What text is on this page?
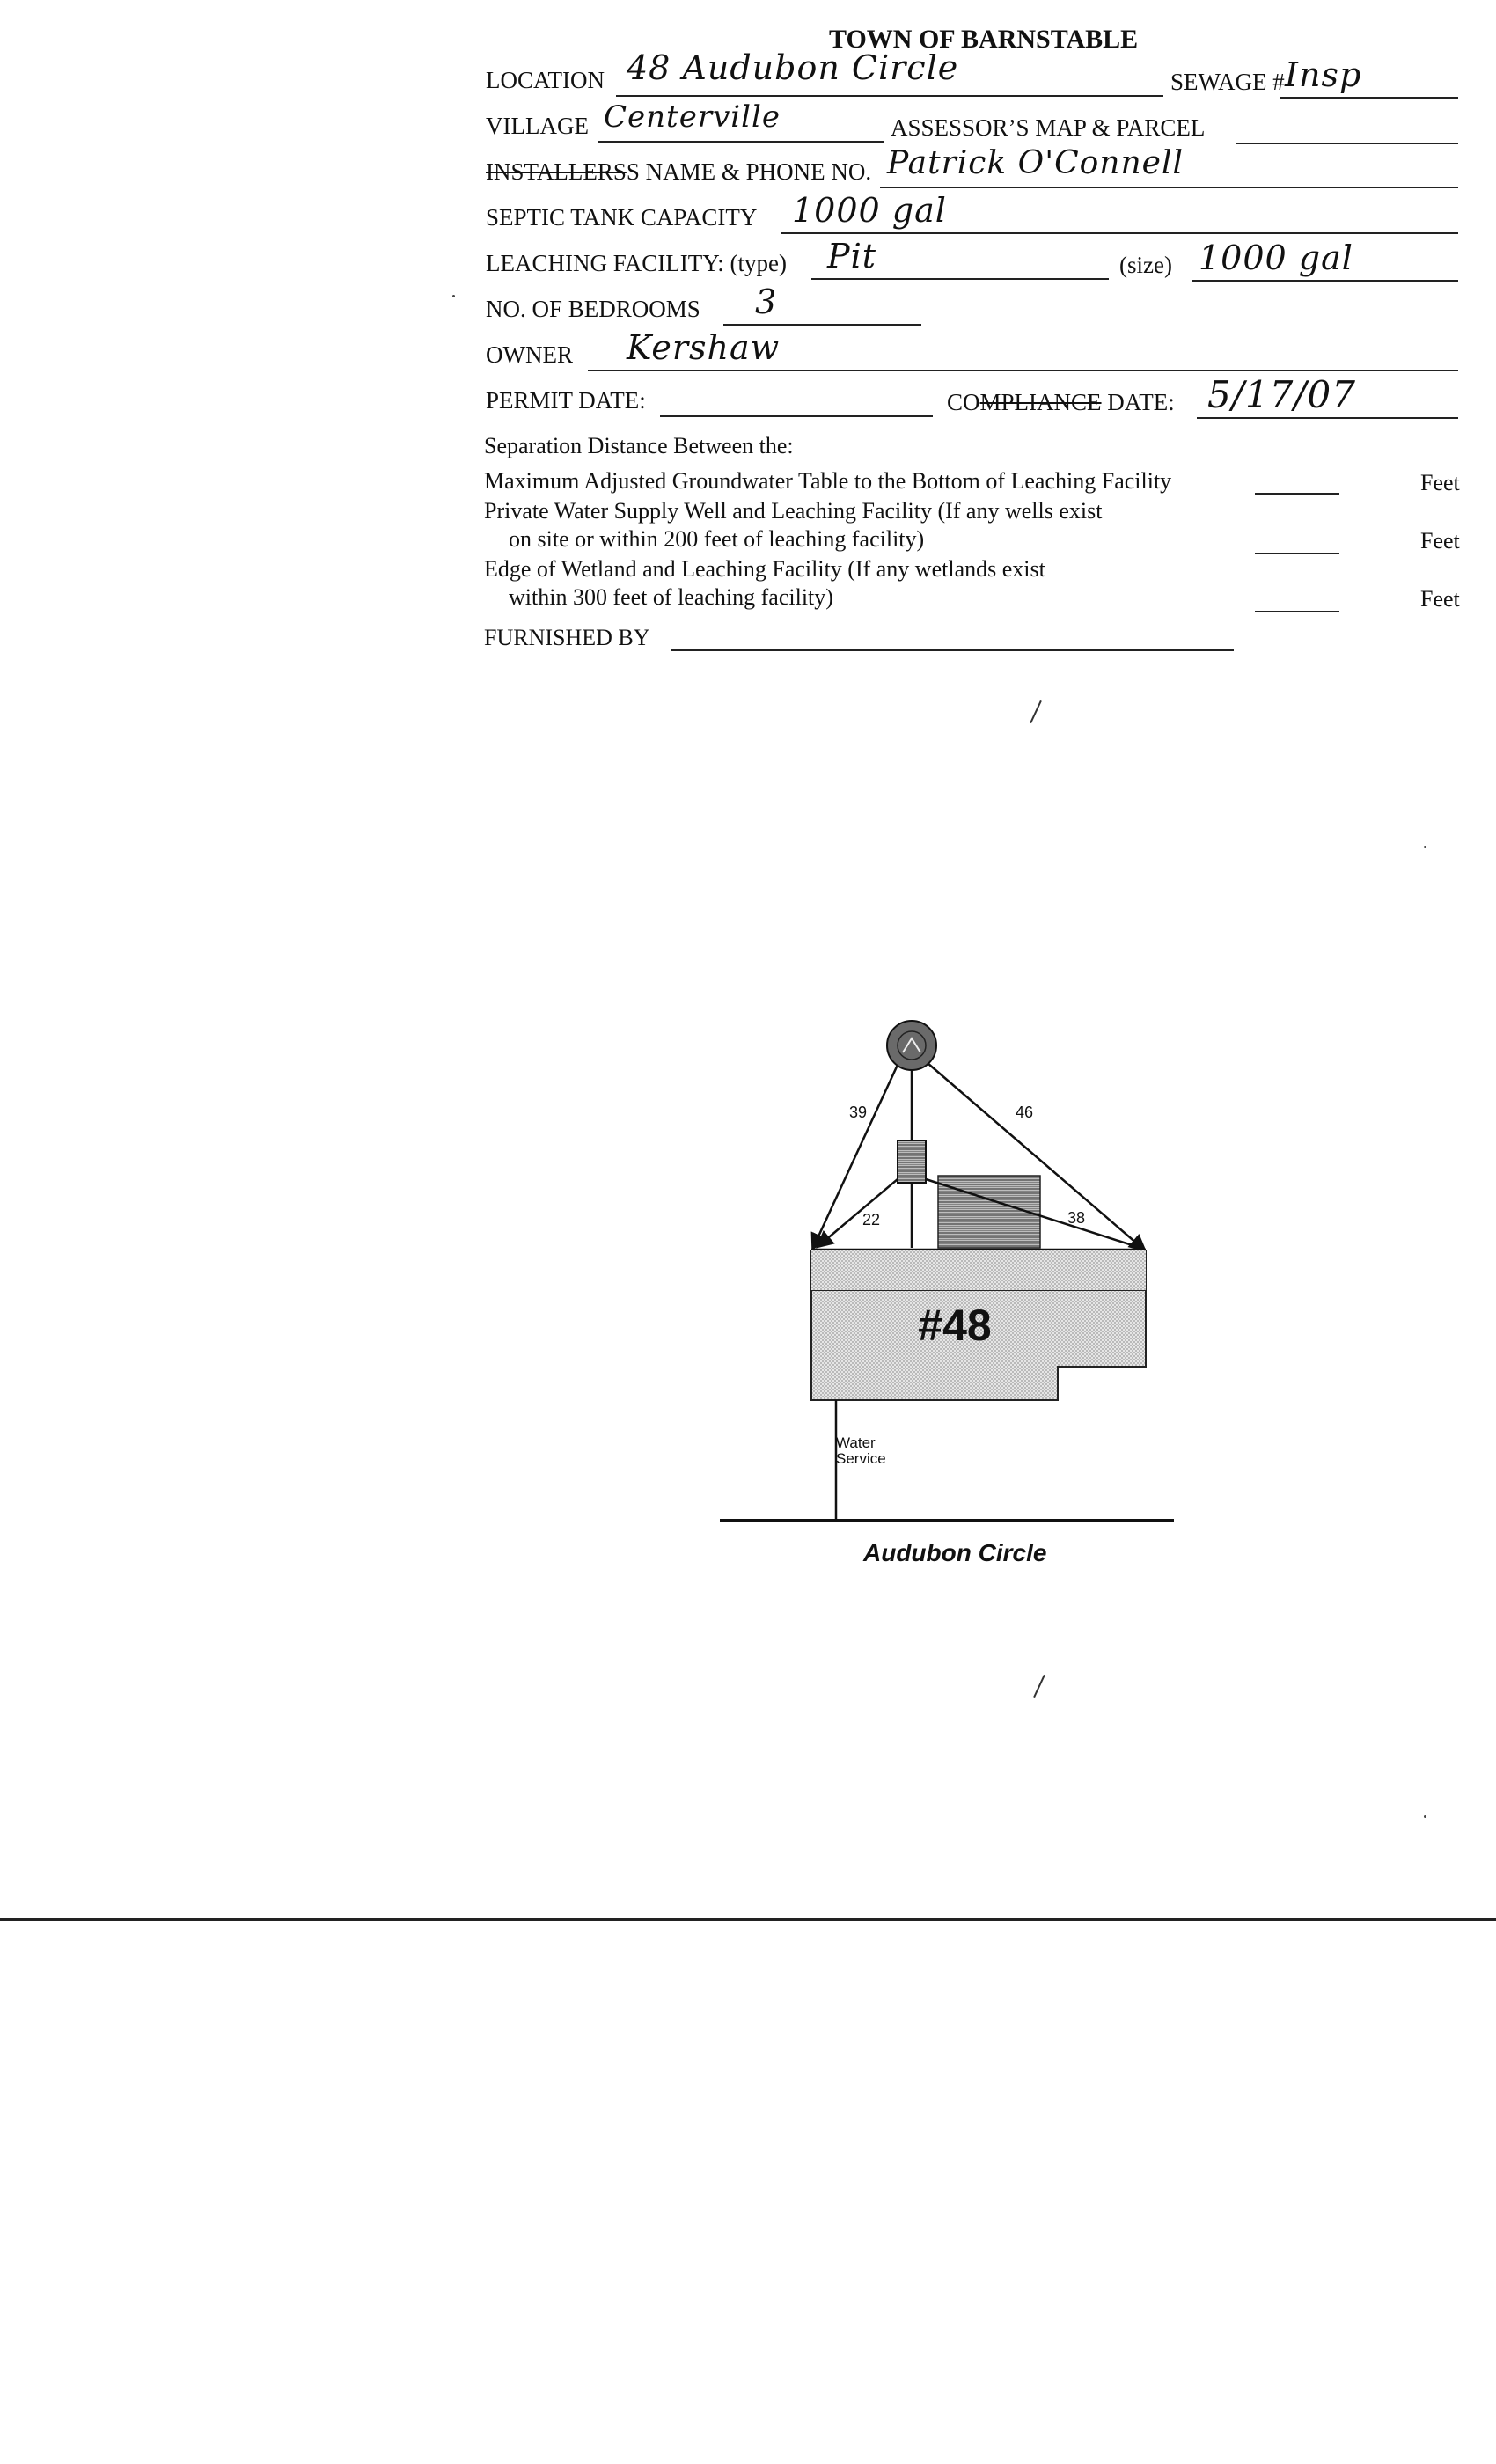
TOWN OF BARNSTABLE
LOCATION 48 Audubon Circle	SEWAGE # Insp
VILLAGE Centerville	ASSESSOR’S MAP & PARCEL
INSTALLERSS NAME & PHONE NO. Patrick O'Connell
SEPTIC TANK CAPACITY 1000 gal
LEACHING FACILITY: (type) Pit	(size) 1000 gal
NO. OF BEDROOMS 3
OWNER Kershaw
PERMIT DATE:	COMPLIANCE DATE: 5/17/07
Separation Distance Between the:
Maximum Adjusted Groundwater Table to the Bottom of Leaching Facility	Feet
Private Water Supply Well and Leaching Facility (If any wells exist
on site or within 200 feet of leaching facility)	Feet
Edge of Wetland and Leaching Facility (If any wetlands exist
within 300 feet of leaching facility)	Feet
FURNISHED BY
#48
39	46
22	38
Water
Service
Audubon Circle
